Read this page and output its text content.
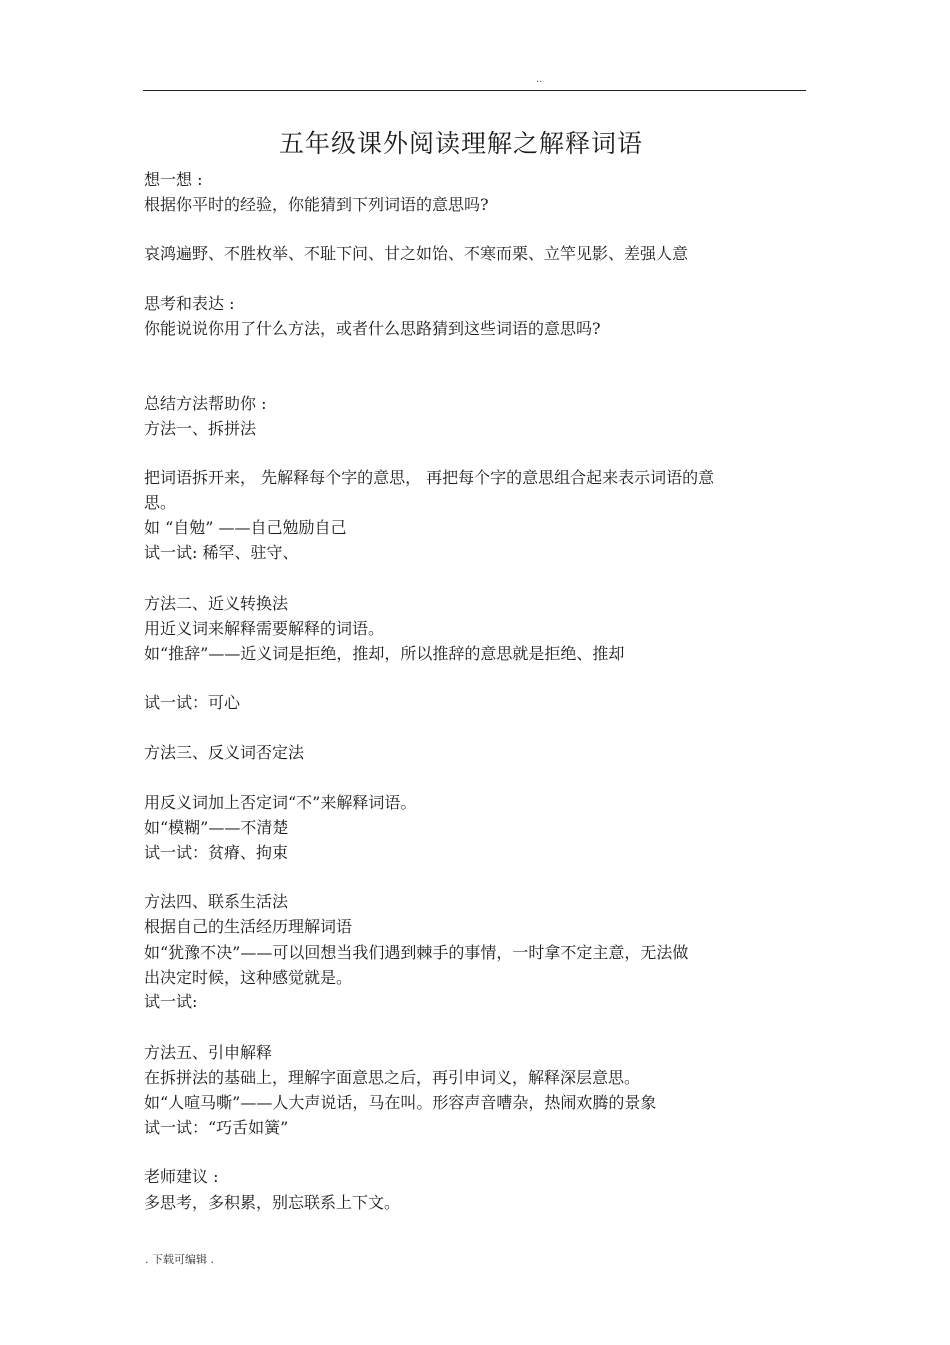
..
五年级课外阅读理解之解释词语
想一想 :
根据你平时的经验，你能猜到下列词语的意思吗?
哀鸿遍野、不胜枚举、不耻下问、甘之如饴、不寒而栗、立竿见影、差强人意
思考和表达 :
你能说说你用了什么方法，或者什么思路猜到这些词语的意思吗?
总结方法帮助你 :
方法一、拆拼法
把词语拆开来， 先解释每个字的意思， 再把每个字的意思组合起来表示词语的意
思。
如 “自勉” ——自己勉励自己
试一试: 稀罕、驻守、
方法二、近义转换法
用近义词来解释需要解释的词语。
如“推辞”——近义词是拒绝，推却，所以推辞的意思就是拒绝、推却
试一试：可心
方法三、反义词否定法
用反义词加上否定词“不”来解释词语。
如“模糊”——不清楚
试一试：贫瘠、拘束
方法四、联系生活法
根据自己的生活经历理解词语
如“犹豫不决”——可以回想当我们遇到棘手的事情，一时拿不定主意，无法做
出决定时候，这种感觉就是。
试一试:
方法五、引申解释
在拆拼法的基础上，理解字面意思之后，再引申词义，解释深层意思。
如“人喧马嘶”——人大声说话，马在叫。形容声音嘈杂，热闹欢腾的景象
试一试：“巧舌如簧”
老师建议 :
多思考，多积累，别忘联系上下文。
. 下载可编辑 .
